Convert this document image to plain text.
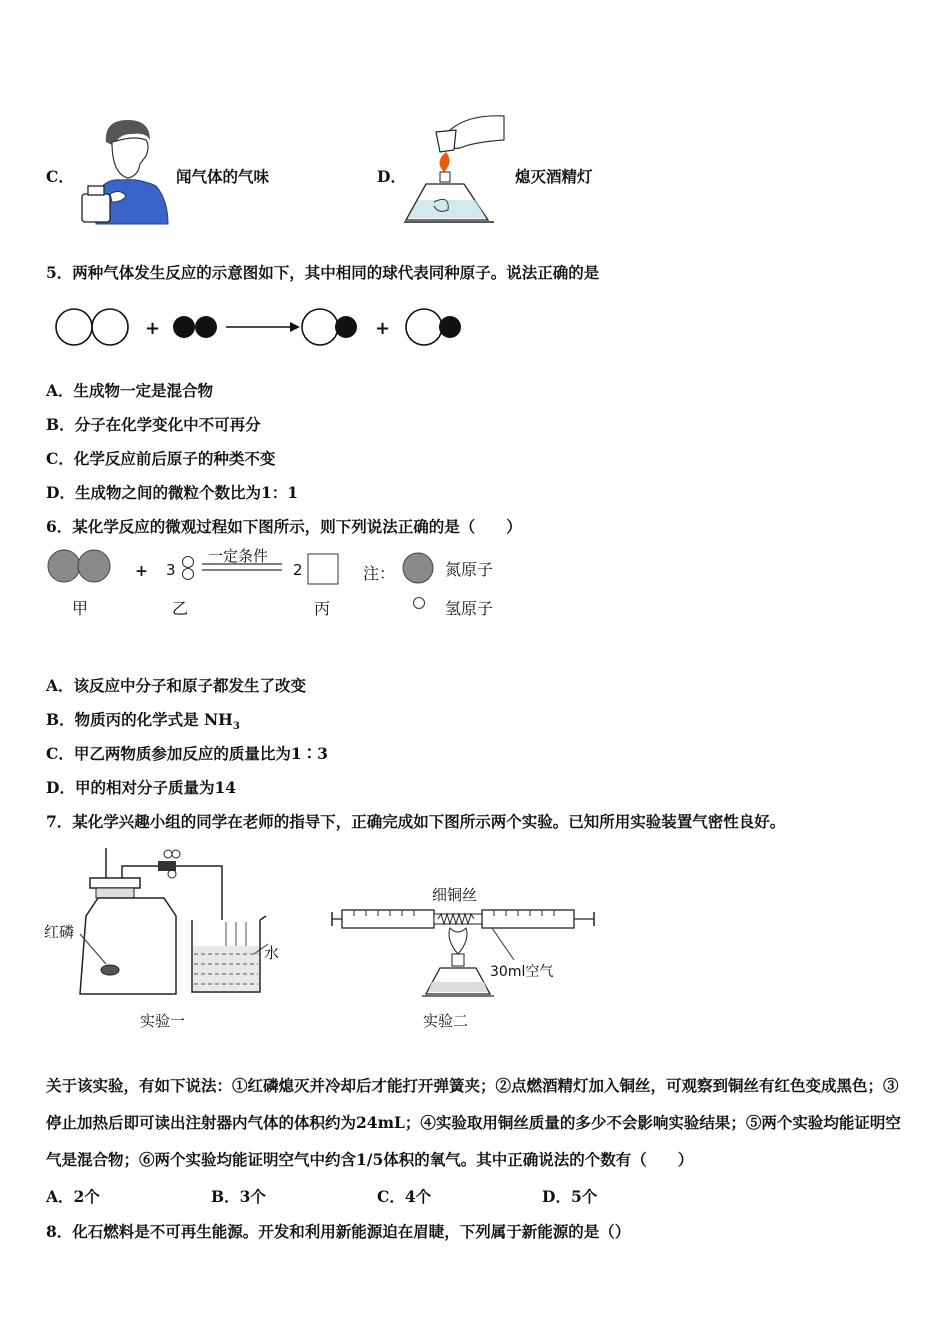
C．	闻气体的气味	D．	熄灭酒精灯
5．两种气体发生反应的示意图如下，其中相同的球代表同种原子。说法正确的是
+	+
A．生成物一定是混合物
B．分子在化学变化中不可再分
C．化学反应前后原子的种类不变
D．生成物之间的微粒个数比为1：1
6．某化学反应的微观过程如下图所示，则下列说法正确的是（　　）
+ 3
一定条件
2	注：	氮原子
甲	乙	丙	氢原子
A．该反应中分子和原子都发生了改变
B．物质丙的化学式是 $NH_3$
C．甲乙两物质参加反应的质量比为1∶3
D．甲的相对分子质量为14
7．某化学兴趣小组的同学在老师的指导下，正确完成如下图所示两个实验。已知所用实验装置气密性良好。
红磷
水
实验一
细铜丝
30ml空气
实验二
关于该实验，有如下说法：①红磷熄灭并冷却后才能打开弹簧夹；②点燃酒精灯加入铜丝，可观察到铜丝有红色变成黑色；③停止加热后即可读出注射器内气体的体积约为24mL；④实验取用铜丝质量的多少不会影响实验结果；⑤两个实验均能证明空气是混合物；⑥两个实验均能证明空气中约含1/5体积的氧气。其中正确说法的个数有（　　）
A．2个	B．3个	C．4个	D．5个
8．化石燃料是不可再生能源。开发和利用新能源迫在眉睫，下列属于新能源的是（）
